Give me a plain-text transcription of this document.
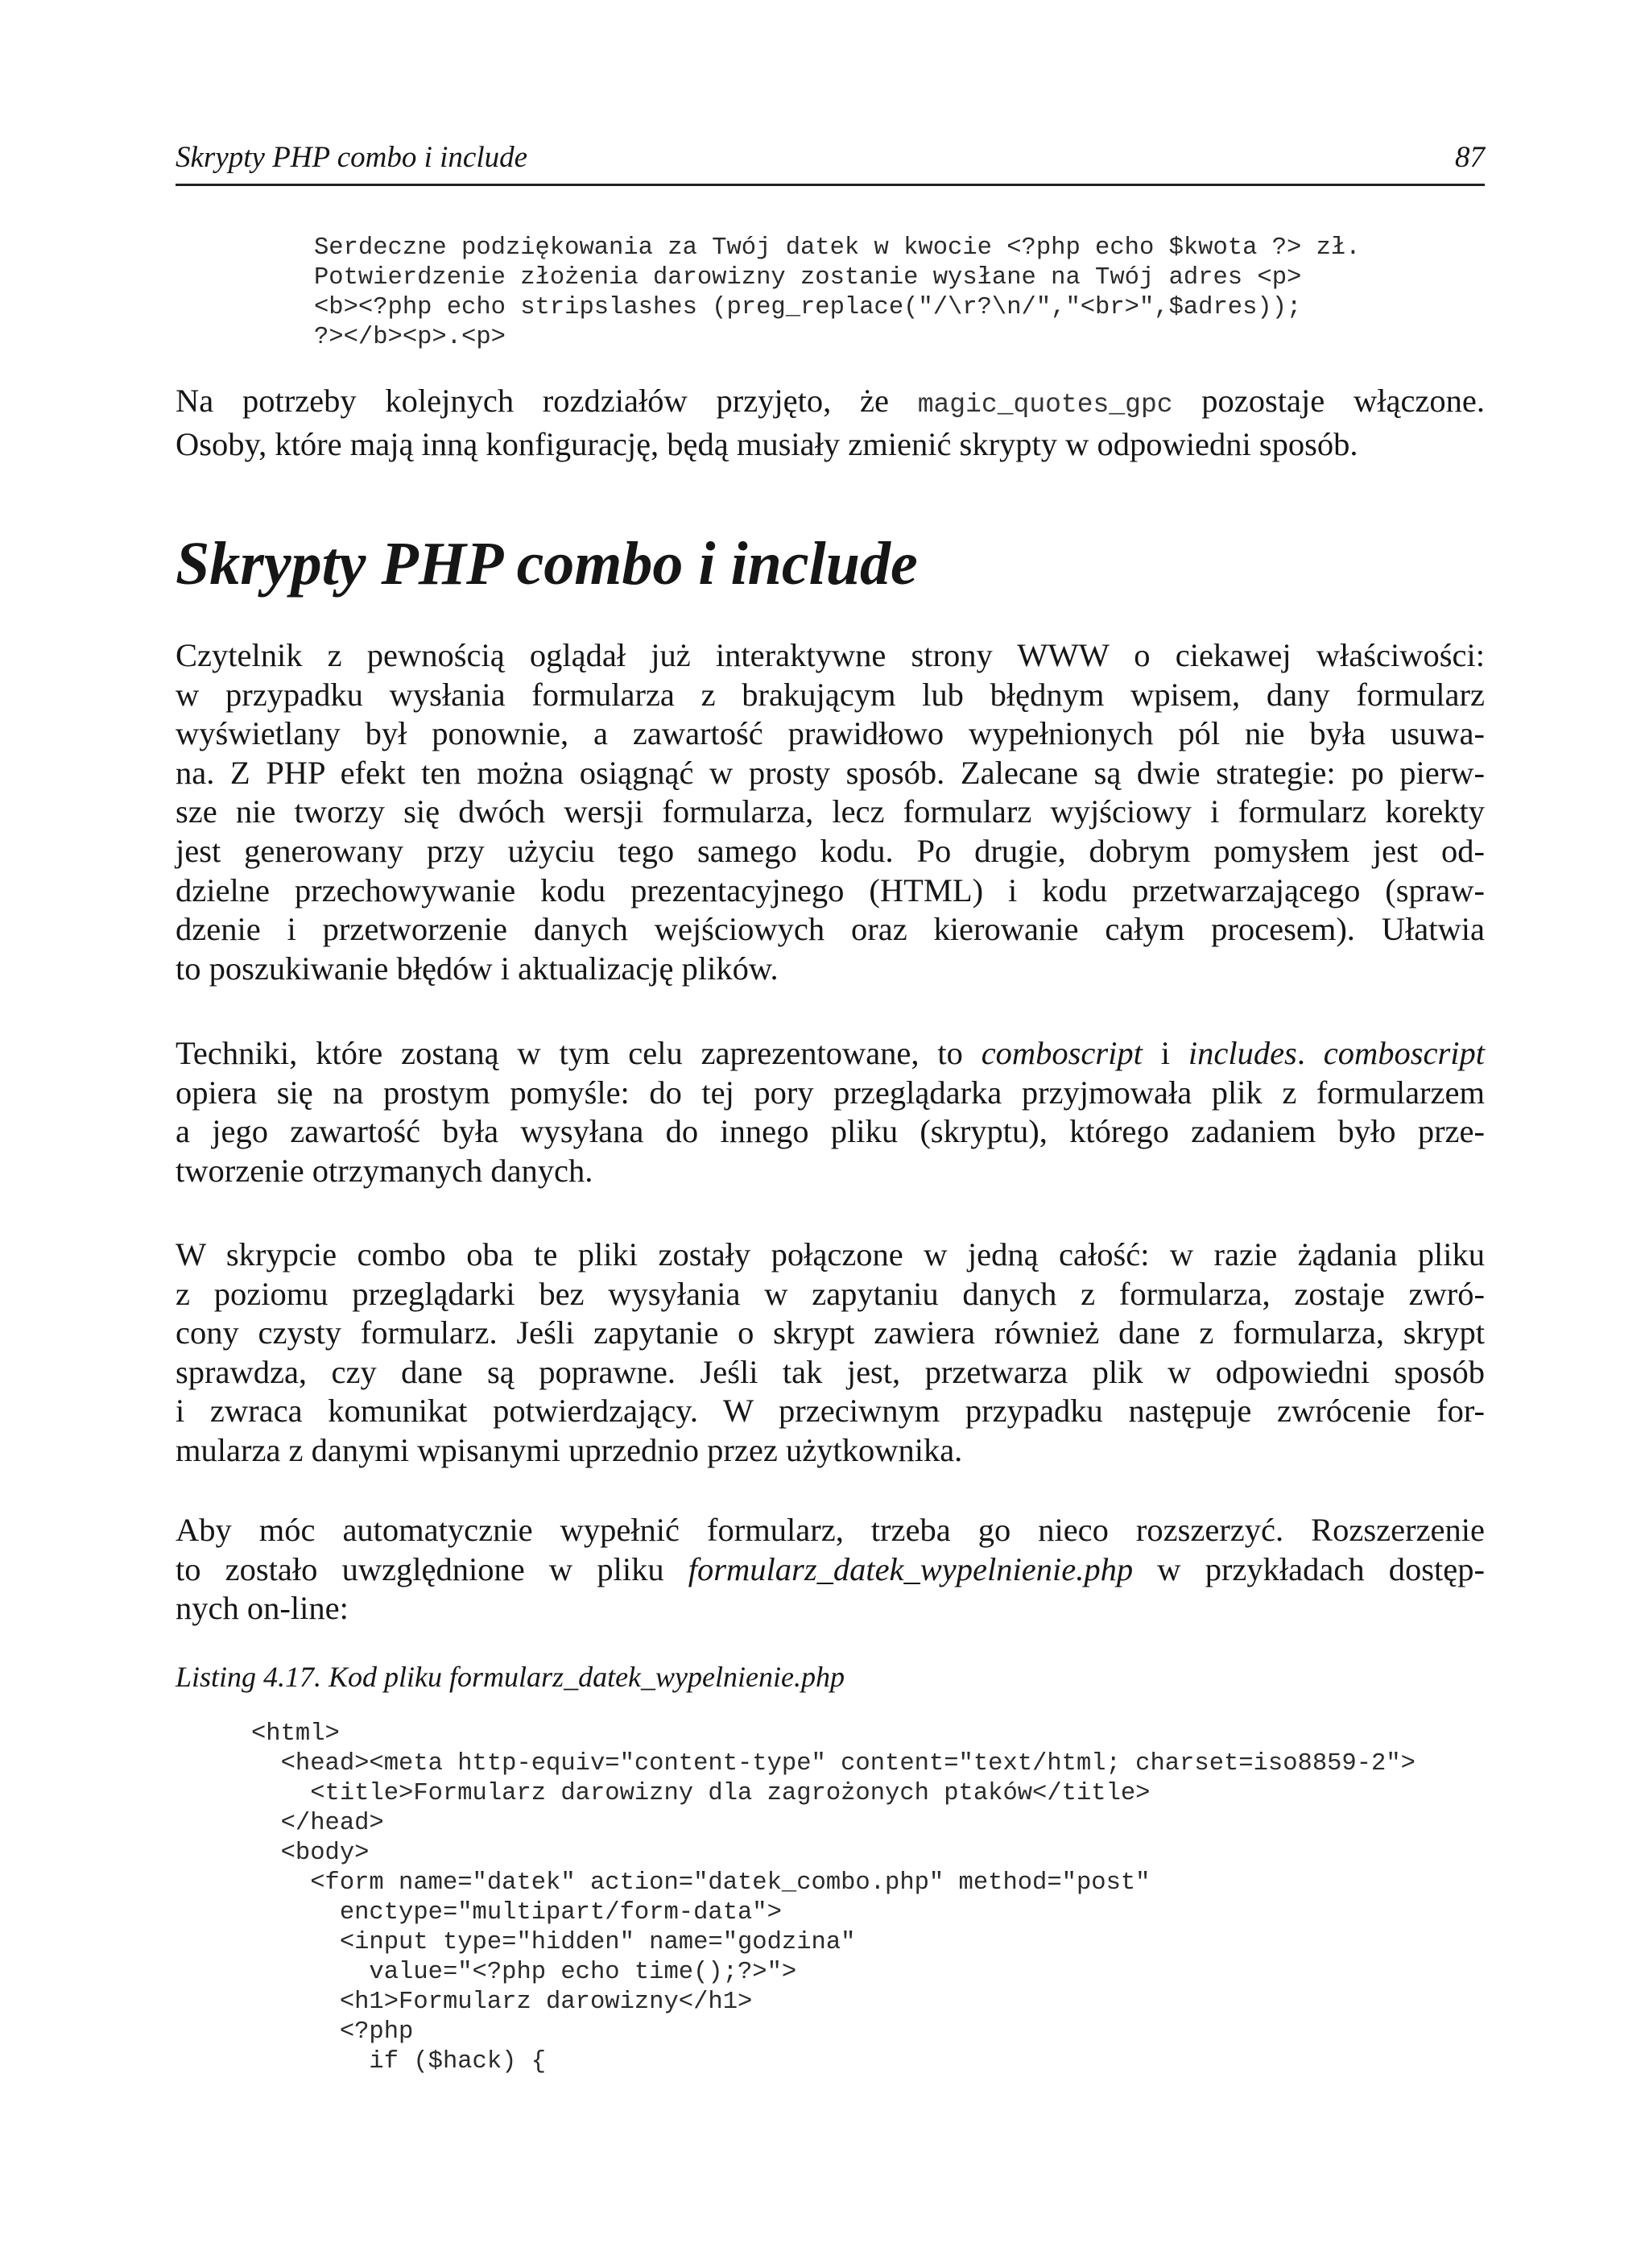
Skrypty PHP combo i include	87
Serdeczne podziękowania za Twój datek w kwocie <?php echo $kwota ?> zł.
Potwierdzenie złożenia darowizny zostanie wysłane na Twój adres <p>
<b><?php echo stripslashes (preg_replace("/\r?\n/","<br>",$adres));
?></b><p>.<p>
Na potrzeby kolejnych rozdziałów przyjęto, że magic_quotes_gpc pozostaje włączone.
Osoby, które mają inną konfigurację, będą musiały zmienić skrypty w odpowiedni sposób.
Skrypty PHP combo i include
Czytelnik z pewnością oglądał już interaktywne strony WWW o ciekawej właściwości:
w przypadku wysłania formularza z brakującym lub błędnym wpisem, dany formularz
wyświetlany był ponownie, a zawartość prawidłowo wypełnionych pól nie była usuwa-
na. Z PHP efekt ten można osiągnąć w prosty sposób. Zalecane są dwie strategie: po pierw-
sze nie tworzy się dwóch wersji formularza, lecz formularz wyjściowy i formularz korekty
jest generowany przy użyciu tego samego kodu. Po drugie, dobrym pomysłem jest od-
dzielne przechowywanie kodu prezentacyjnego (HTML) i kodu przetwarzającego (spraw-
dzenie i przetworzenie danych wejściowych oraz kierowanie całym procesem). Ułatwia
to poszukiwanie błędów i aktualizację plików.
Techniki, które zostaną w tym celu zaprezentowane, to comboscript i includes. comboscript
opiera się na prostym pomyśle: do tej pory przeglądarka przyjmowała plik z formularzem
a jego zawartość była wysyłana do innego pliku (skryptu), którego zadaniem było prze-
tworzenie otrzymanych danych.
W skrypcie combo oba te pliki zostały połączone w jedną całość: w razie żądania pliku
z poziomu przeglądarki bez wysyłania w zapytaniu danych z formularza, zostaje zwró-
cony czysty formularz. Jeśli zapytanie o skrypt zawiera również dane z formularza, skrypt
sprawdza, czy dane są poprawne. Jeśli tak jest, przetwarza plik w odpowiedni sposób
i zwraca komunikat potwierdzający. W przeciwnym przypadku następuje zwrócenie for-
mularza z danymi wpisanymi uprzednio przez użytkownika.
Aby móc automatycznie wypełnić formularz, trzeba go nieco rozszerzyć. Rozszerzenie
to zostało uwzględnione w pliku formularz_datek_wypelnienie.php w przykładach dostęp-
nych on-line:

Listing 4.17. Kod pliku formularz_datek_wypelnienie.php

<html>
<head><meta http-equiv="content-type" content="text/html; charset=iso8859-2">
<title>Formularz darowizny dla zagrożonych ptaków</title>
</head>
<body>
<form name="datek" action="datek_combo.php" method="post"
enctype="multipart/form-data">
<input type="hidden" name="godzina"
value="<?php echo time();?>">
<h1>Formularz darowizny</h1>
<?php
if ($hack) {
